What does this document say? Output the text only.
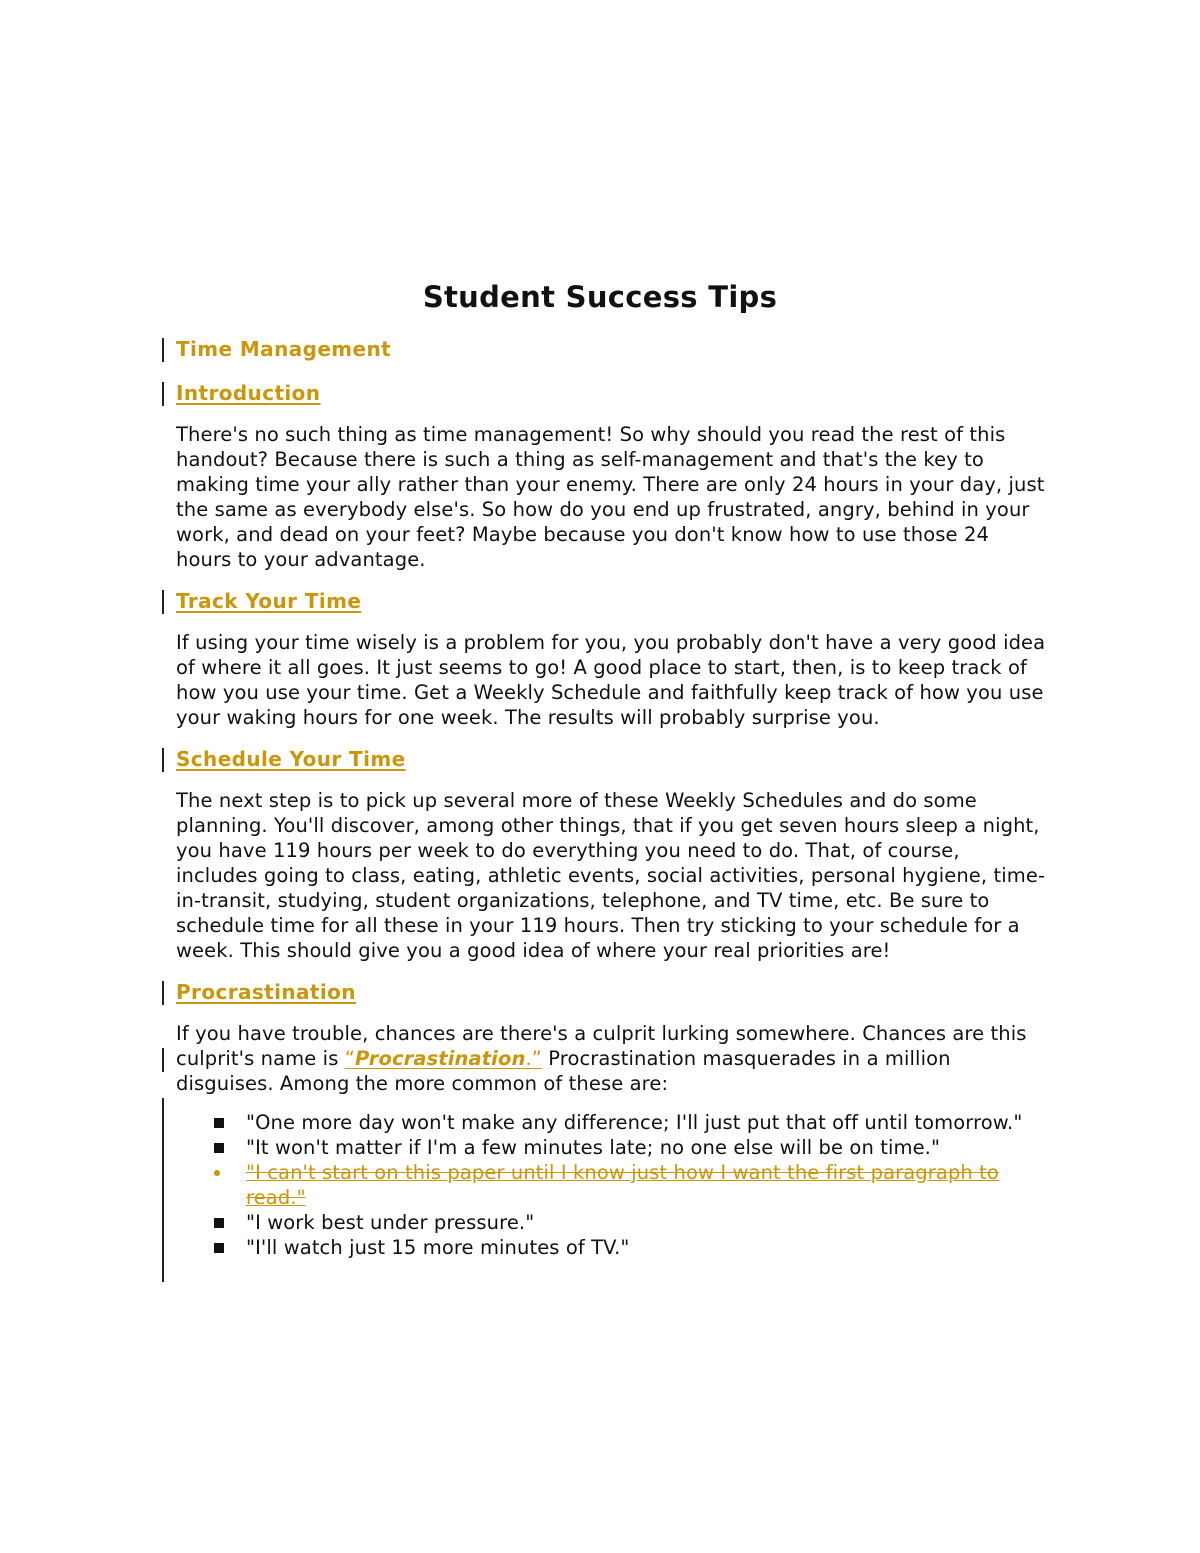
Student Success Tips
Time Management
Introduction
There's no such thing as time management! So why should you read the rest of this handout? Because there is such a thing as self-management and that's the key to making time your ally rather than your enemy. There are only 24 hours in your day, just the same as everybody else's. So how do you end up frustrated, angry, behind in your work, and dead on your feet? Maybe because you don't know how to use those 24 hours to your advantage.
Track Your Time
If using your time wisely is a problem for you, you probably don't have a very good idea of where it all goes. It just seems to go! A good place to start, then, is to keep track of how you use your time. Get a Weekly Schedule and faithfully keep track of how you use your waking hours for one week. The results will probably surprise you.
Schedule Your Time
The next step is to pick up several more of these Weekly Schedules and do some planning. You'll discover, among other things, that if you get seven hours sleep a night, you have 119 hours per week to do everything you need to do. That, of course, includes going to class, eating, athletic events, social activities, personal hygiene, time-in-transit, studying, student organizations, telephone, and TV time, etc. Be sure to schedule time for all these in your 119 hours. Then try sticking to your schedule for a week. This should give you a good idea of where your real priorities are!
Procrastination
If you have trouble, chances are there's a culprit lurking somewhere. Chances are this culprit's name is “Procrastination.” Procrastination masquerades in a million disguises. Among the more common of these are:
"One more day won't make any difference; I'll just put that off until tomorrow."
"It won't matter if I'm a few minutes late; no one else will be on time."
"I can't start on this paper until I know just how I want the first paragraph to read."
"I work best under pressure."
"I'll watch just 15 more minutes of TV."
